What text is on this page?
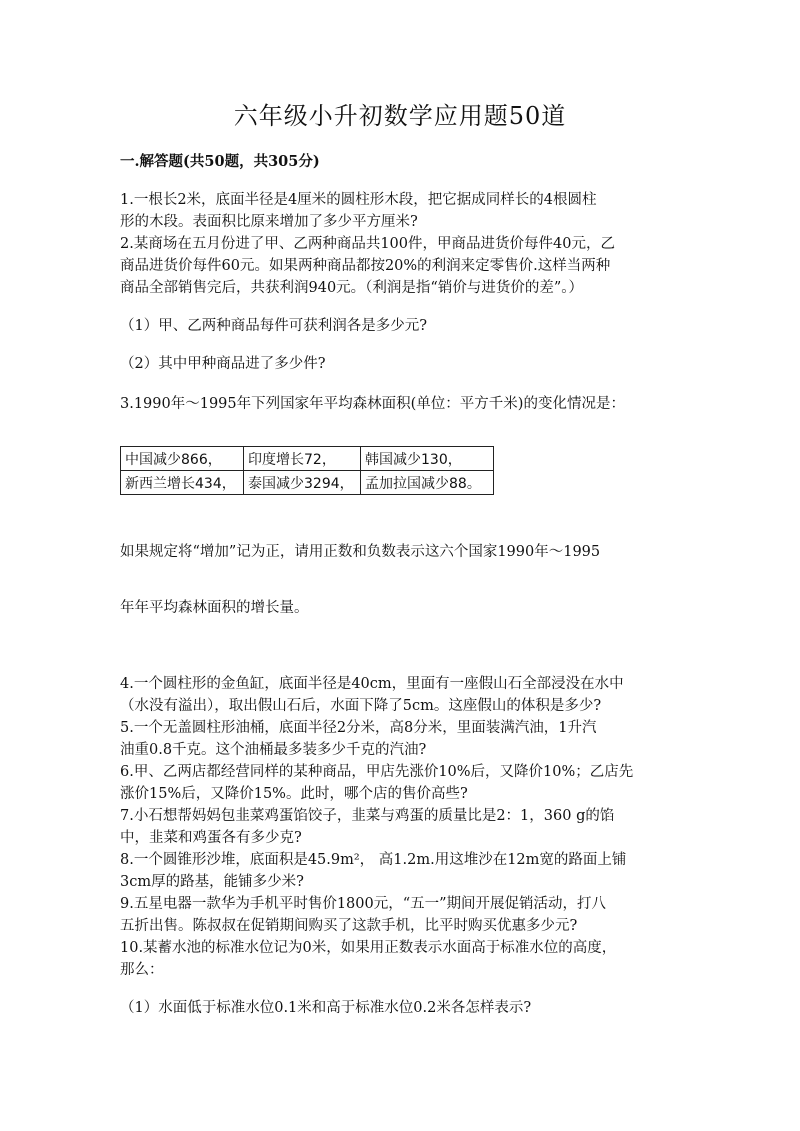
六年级小升初数学应用题50道
一.解答题(共50题，共305分)
1.一根长2米，底面半径是4厘米的圆柱形木段，把它据成同样长的4根圆柱
形的木段。表面积比原来增加了多少平方厘米?
2.某商场在五月份进了甲、乙两种商品共100件，甲商品进货价每件40元，乙
商品进货价每件60元。如果两种商品都按20%的利润来定零售价.这样当两种
商品全部销售完后，共获利润940元。（利润是指“销价与进货价的差”。）
（1）甲、乙两种商品每件可获利润各是多少元?
（2）其中甲种商品进了多少件?
3.1990年～1995年下列国家年平均森林面积(单位：平方千米)的变化情况是：
中国减少866，	印度增长72，	韩国减少130，
新西兰增长434，	泰国减少3294，	孟加拉国减少88。
如果规定将“增加”记为正，请用正数和负数表示这六个国家1990年～1995
年年平均森林面积的增长量。
4.一个圆柱形的金鱼缸，底面半径是40cm，里面有一座假山石全部浸没在水中
（水没有溢出），取出假山石后，水面下降了5cm。这座假山的体积是多少?
5.一个无盖圆柱形油桶，底面半径2分米，高8分米，里面装满汽油，1升汽
油重0.8千克。这个油桶最多装多少千克的汽油?
6.甲、乙两店都经营同样的某种商品，甲店先涨价10%后，又降价10%；乙店先
涨价15%后，又降价15%。此时，哪个店的售价高些?
7.小石想帮妈妈包韭菜鸡蛋馅饺子，韭菜与鸡蛋的质量比是2：1，360 g的馅
中，韭菜和鸡蛋各有多少克?
8.一个圆锥形沙堆，底面积是45.9m²， 高1.2m.用这堆沙在12m宽的路面上铺
3cm厚的路基，能铺多少米?
9.五星电器一款华为手机平时售价1800元，“五一”期间开展促销活动，打八
五折出售。陈叔叔在促销期间购买了这款手机，比平时购买优惠多少元?
10.某蓄水池的标准水位记为0米，如果用正数表示水面高于标准水位的高度，
那么：
（1）水面低于标准水位0.1米和高于标准水位0.2米各怎样表示?
